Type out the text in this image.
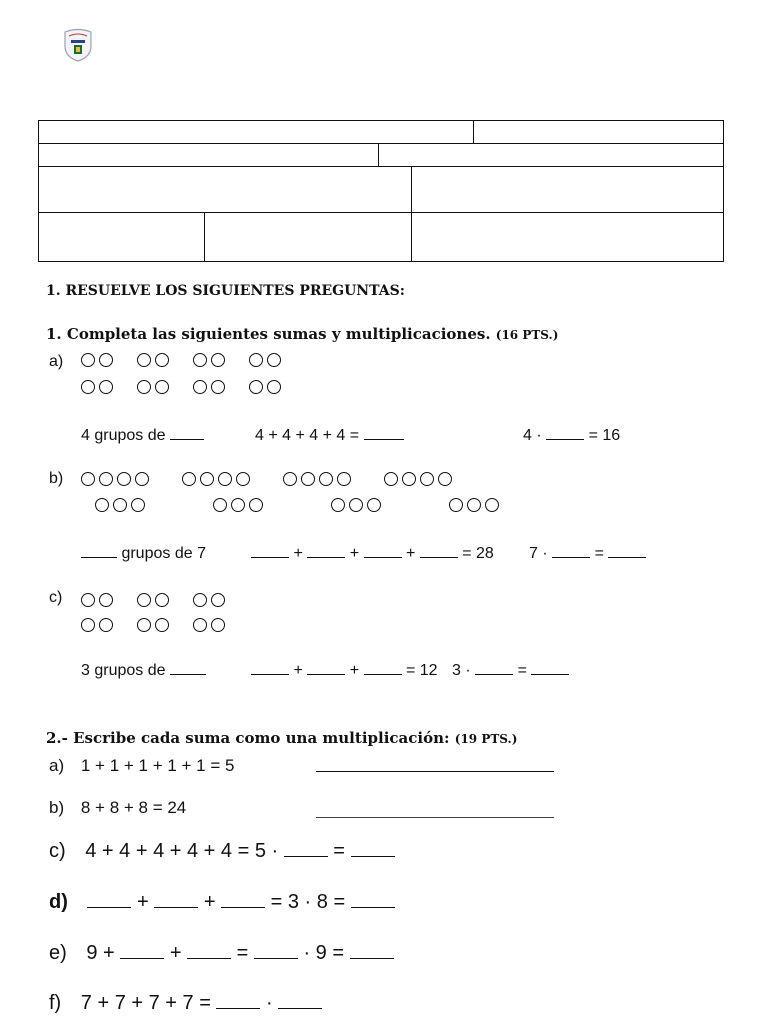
1. RESUELVE LOS SIGUIENTES PREGUNTAS:
1. Completa las siguientes sumas y multiplicaciones. (16 PTS.)
a)
4 grupos de	4 + 4 + 4 + 4 =	4 ·	= 16
b)
grupos de 7	+	+	+	= 28 7 ·	=
c)
3 grupos de	+	+	= 12 3 ·	=
2.- Escribe cada suma como una multiplicación: (19 PTS.)
a) 1 + 1 + 1 + 1 + 1 = 5
b) 8 + 8 + 8 = 24
c) 4 + 4 + 4 + 4 + 4 = 5 ·	=
d)	+	+	= 3 · 8 =
e) 9 +	+	=	· 9 =
f) 7 + 7 + 7 + 7 =	·
